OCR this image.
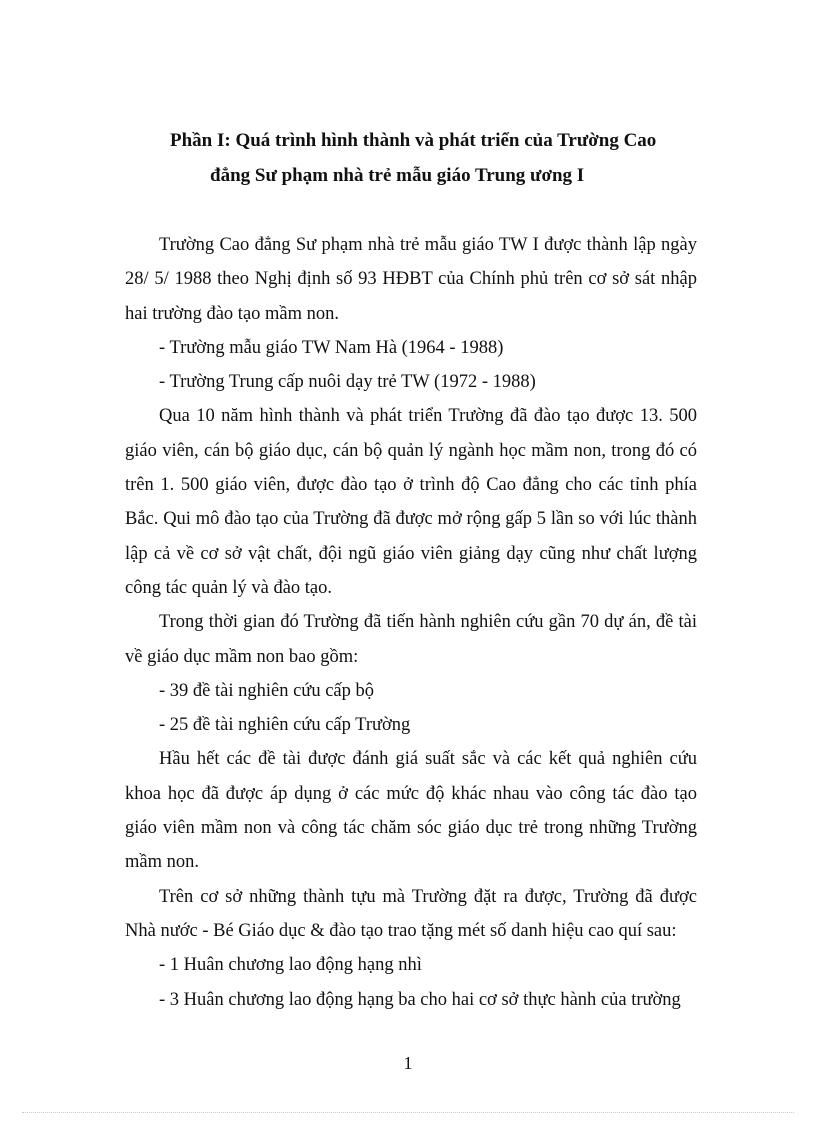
Phần I: Quá trình hình thành và phát triển của Trường Cao
đẳng Sư phạm nhà trẻ mẫu giáo Trung ương I

Trường Cao đẳng Sư phạm nhà trẻ mẫu giáo TW I được thành lập ngày 28/ 5/ 1988 theo Nghị định số 93 HĐBT của Chính phủ trên cơ sở sát nhập hai trường đào tạo mầm non.

- Trường mẫu giáo TW Nam Hà (1964 - 1988)

- Trường Trung cấp nuôi dạy trẻ TW (1972 - 1988)

Qua 10 năm hình thành và phát triển Trường đã đào tạo được 13. 500 giáo viên, cán bộ giáo dục, cán bộ quản lý ngành học mầm non, trong đó có trên 1. 500 giáo viên, được đào tạo ở trình độ Cao đẳng cho các tỉnh phía Bắc. Qui mô đào tạo của Trường đã được mở rộng gấp 5 lần so với lúc thành lập cả về cơ sở vật chất, đội ngũ giáo viên giảng dạy cũng như chất lượng công tác quản lý và đào tạo.

Trong thời gian đó Trường đã tiến hành nghiên cứu gần 70 dự án, đề tài về giáo dục mầm non bao gồm:

- 39 đề tài nghiên cứu cấp bộ

- 25 đề tài nghiên cứu cấp Trường

Hầu hết các đề tài được đánh giá suất sắc và các kết quả nghiên cứu khoa học đã được áp dụng ở các mức độ khác nhau vào công tác đào tạo giáo viên mầm non và công tác chăm sóc giáo dục trẻ trong những Trường mầm non.

Trên cơ sở những thành tựu mà Trường đặt ra được, Trường đã được Nhà nước - Bé Giáo dục & đào tạo trao tặng mét số danh hiệu cao quí sau:

- 1 Huân chương lao động hạng nhì

- 3 Huân chương lao động hạng ba cho hai cơ sở thực hành của trường

1
